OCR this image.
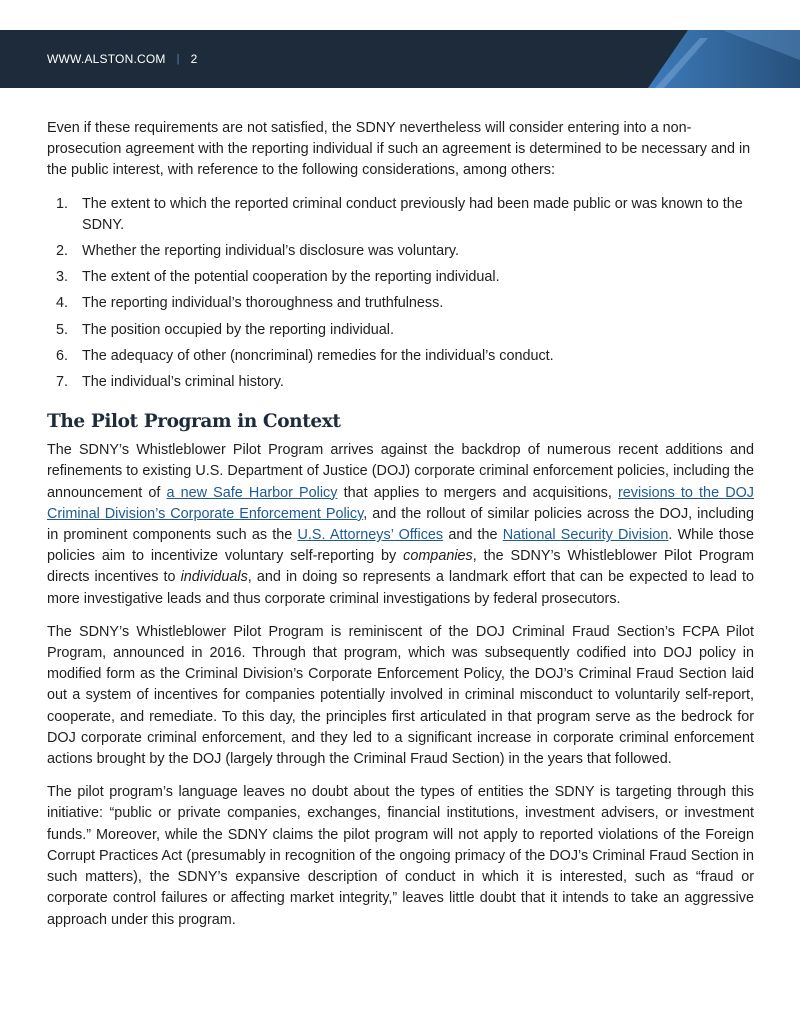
WWW.ALSTON.COM | 2

Even if these requirements are not satisfied, the SDNY nevertheless will consider entering into a non-prosecution agreement with the reporting individual if such an agreement is determined to be necessary and in the public interest, with reference to the following considerations, among others:

1. The extent to which the reported criminal conduct previously had been made public or was known to the SDNY.
2. Whether the reporting individual’s disclosure was voluntary.
3. The extent of the potential cooperation by the reporting individual.
4. The reporting individual’s thoroughness and truthfulness.
5. The position occupied by the reporting individual.
6. The adequacy of other (noncriminal) remedies for the individual’s conduct.
7. The individual’s criminal history.
The Pilot Program in Context

The SDNY’s Whistleblower Pilot Program arrives against the backdrop of numerous recent additions and refinements to existing U.S. Department of Justice (DOJ) corporate criminal enforcement policies, including the announcement of a new Safe Harbor Policy that applies to mergers and acquisitions, revisions to the DOJ Criminal Division’s Corporate Enforcement Policy, and the rollout of similar policies across the DOJ, including in prominent components such as the U.S. Attorneys’ Offices and the National Security Division. While those policies aim to incentivize voluntary self-reporting by companies, the SDNY’s Whistleblower Pilot Program directs incentives to individuals, and in doing so represents a landmark effort that can be expected to lead to more investigative leads and thus corporate criminal investigations by federal prosecutors.

The SDNY’s Whistleblower Pilot Program is reminiscent of the DOJ Criminal Fraud Section’s FCPA Pilot Program, announced in 2016. Through that program, which was subsequently codified into DOJ policy in modified form as the Criminal Division’s Corporate Enforcement Policy, the DOJ’s Criminal Fraud Section laid out a system of incentives for companies potentially involved in criminal misconduct to voluntarily self-report, cooperate, and remediate. To this day, the principles first articulated in that program serve as the bedrock for DOJ corporate criminal enforcement, and they led to a significant increase in corporate criminal enforcement actions brought by the DOJ (largely through the Criminal Fraud Section) in the years that followed.

The pilot program’s language leaves no doubt about the types of entities the SDNY is targeting through this initiative: “public or private companies, exchanges, financial institutions, investment advisers, or investment funds.” Moreover, while the SDNY claims the pilot program will not apply to reported violations of the Foreign Corrupt Practices Act (presumably in recognition of the ongoing primacy of the DOJ’s Criminal Fraud Section in such matters), the SDNY’s expansive description of conduct in which it is interested, such as “fraud or corporate control failures or affecting market integrity,” leaves little doubt that it intends to take an aggressive approach under this program.
